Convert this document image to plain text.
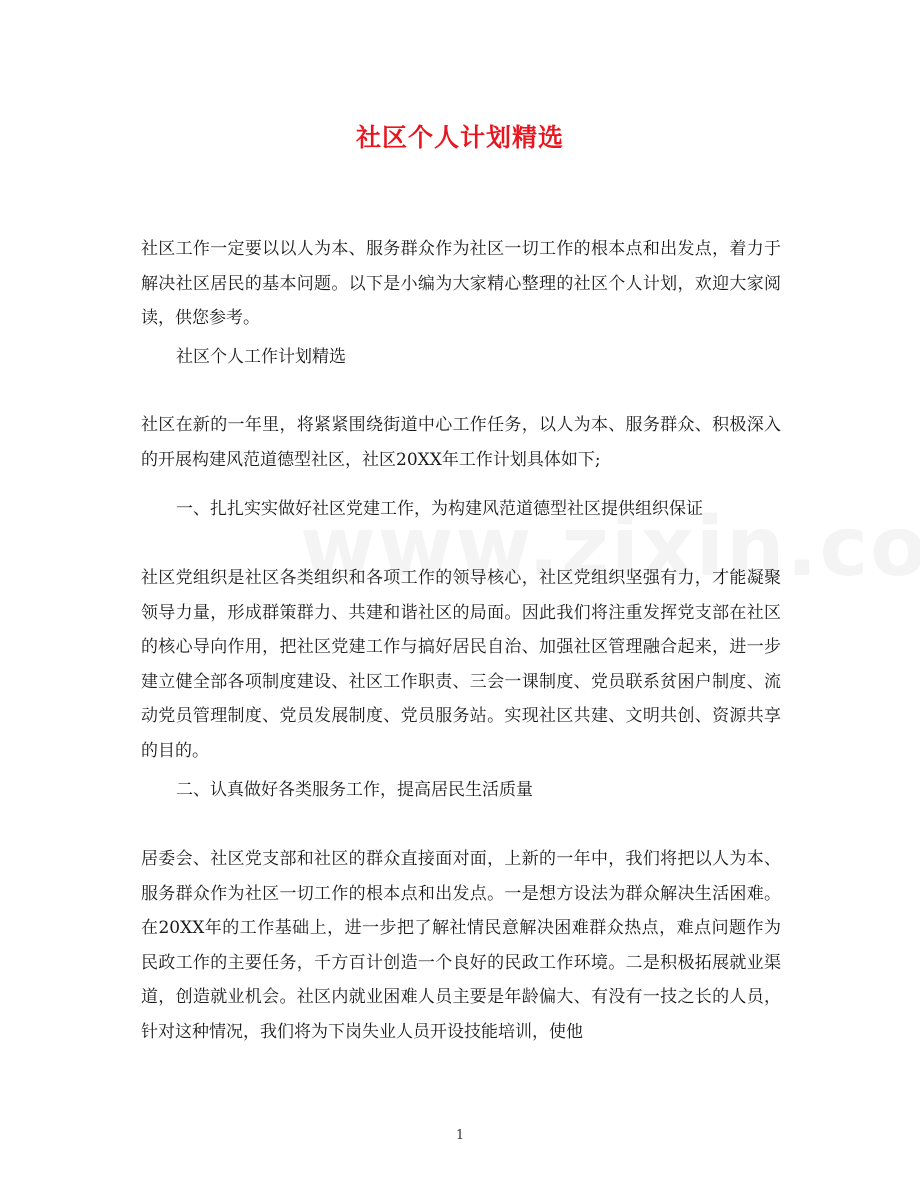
社区个人计划精选
社区工作一定要以以人为本、服务群众作为社区一切工作的根本点和出发点，着力于解决社区居民的基本问题。以下是小编为大家精心整理的社区个人计划，欢迎大家阅读，供您参考。
社区个人工作计划精选
社区在新的一年里，将紧紧围绕街道中心工作任务，以人为本、服务群众、积极深入的开展构建风范道德型社区，社区20XX年工作计划具体如下;
一、扎扎实实做好社区党建工作，为构建风范道德型社区提供组织保证
社区党组织是社区各类组织和各项工作的领导核心，社区党组织坚强有力，才能凝聚领导力量，形成群策群力、共建和谐社区的局面。因此我们将注重发挥党支部在社区的核心导向作用，把社区党建工作与搞好居民自治、加强社区管理融合起来，进一步建立健全部各项制度建设、社区工作职责、三会一课制度、党员联系贫困户制度、流动党员管理制度、党员发展制度、党员服务站。实现社区共建、文明共创、资源共享的目的。
二、认真做好各类服务工作，提高居民生活质量
居委会、社区党支部和社区的群众直接面对面，上新的一年中，我们将把以人为本、服务群众作为社区一切工作的根本点和出发点。一是想方设法为群众解决生活困难。在20XX年的工作基础上，进一步把了解社情民意解决困难群众热点，难点问题作为民政工作的主要任务，千方百计创造一个良好的民政工作环境。二是积极拓展就业渠道，创造就业机会。社区内就业困难人员主要是年龄偏大、有没有一技之长的人员，针对这种情况，我们将为下岗失业人员开设技能培训，使他
1
